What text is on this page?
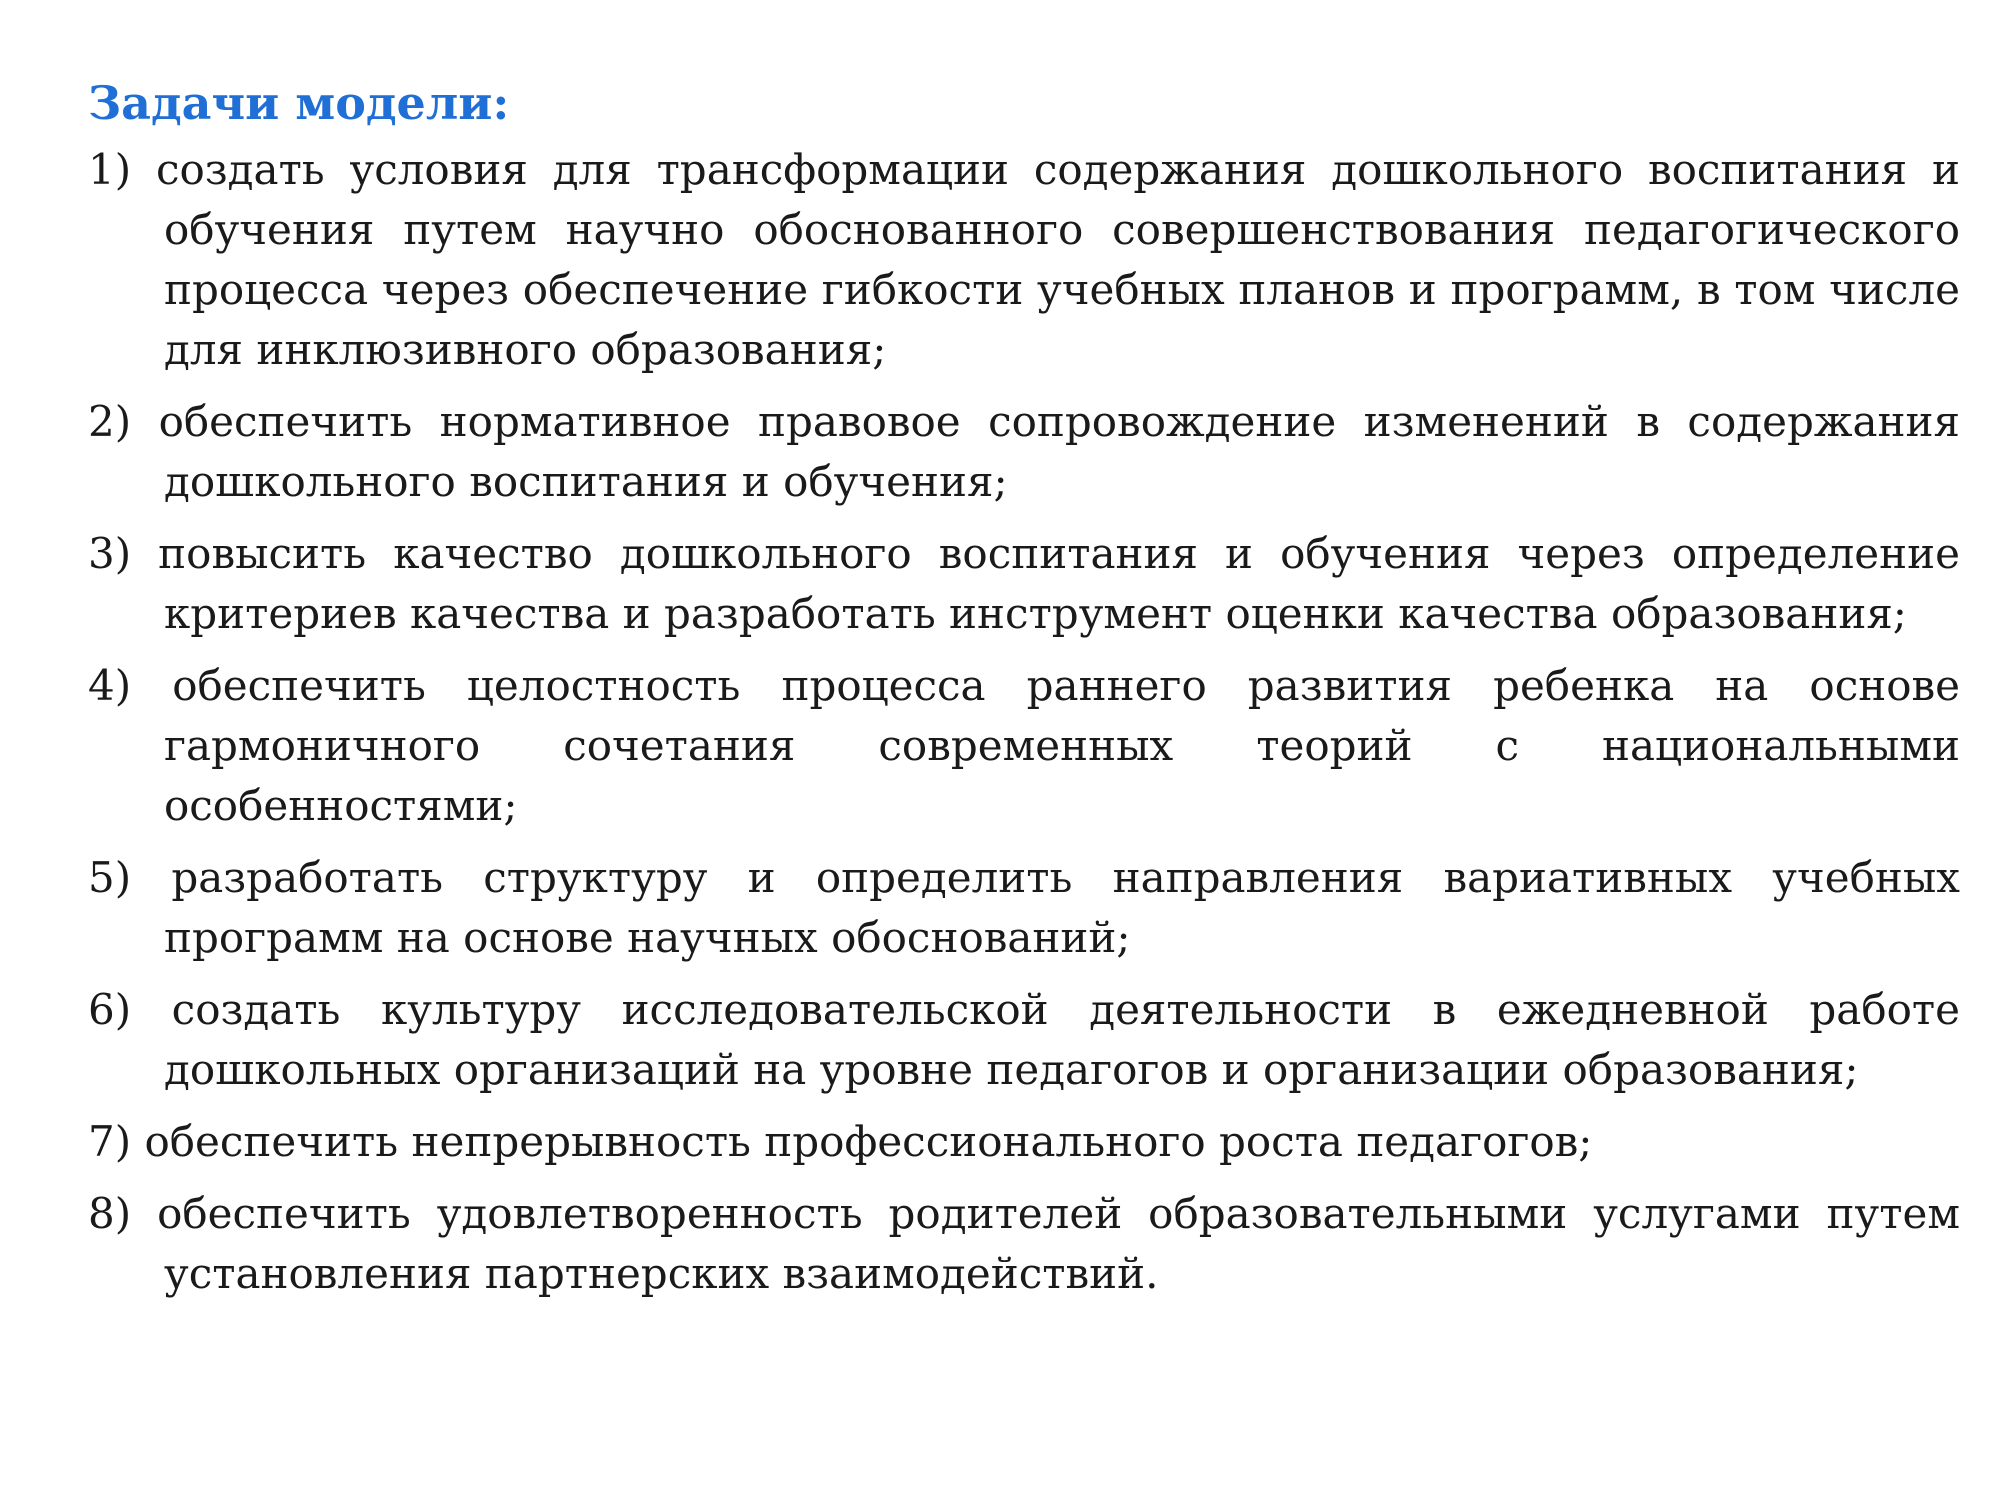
Задачи модели:
1) создать условия для трансформации содержания дошкольного воспитания и обучения путем научно обоснованного совершенствования педагогического процесса через обеспечение гибкости учебных планов и программ, в том числе для инклюзивного образования;
2) обеспечить нормативное правовое сопровождение изменений в содержания дошкольного воспитания и обучения;
3) повысить качество дошкольного воспитания и обучения через определение критериев качества и разработать инструмент оценки качества образования;
4) обеспечить целостность процесса раннего развития ребенка на основе гармоничного сочетания современных теорий с национальными особенностями;
5) разработать структуру и определить направления вариативных учебных программ на основе научных обоснований;
6) создать культуру исследовательской деятельности в ежедневной работе дошкольных организаций на уровне педагогов и организации образования;
7) обеспечить непрерывность профессионального роста педагогов;
8) обеспечить удовлетворенность родителей образовательными услугами путем установления партнерских взаимодействий.
